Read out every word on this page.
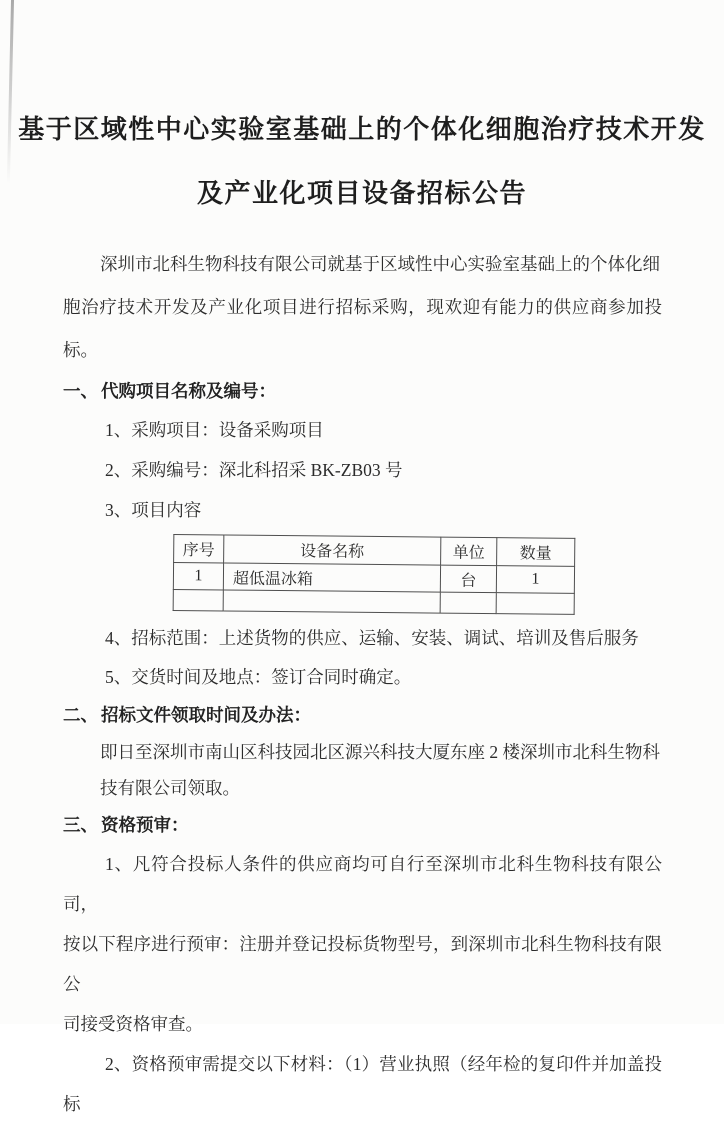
基于区域性中心实验室基础上的个体化细胞治疗技术开发
及产业化项目设备招标公告
深圳市北科生物科技有限公司就基于区域性中心实验室基础上的个体化细
胞治疗技术开发及产业化项目进行招标采购，现欢迎有能力的供应商参加投标。
一、 代购项目名称及编号：
1、采购项目：设备采购项目
2、采购编号：深北科招采 BK-ZB03 号
3、项目内容
序号	设备名称	单位	数量
1	超低温冰箱	台	1

4、招标范围：上述货物的供应、运输、安装、调试、培训及售后服务
5、交货时间及地点：签订合同时确定。
二、 招标文件领取时间及办法：
即日至深圳市南山区科技园北区源兴科技大厦东座 2 楼深圳市北科生物科
技有限公司领取。
三、 资格预审：
1、凡符合投标人条件的供应商均可自行至深圳市北科生物科技有限公司，
按以下程序进行预审：注册并登记投标货物型号，到深圳市北科生物科技有限公
司接受资格审查。
2、资格预审需提交以下材料：（1）营业执照（经年检的复印件并加盖投标
